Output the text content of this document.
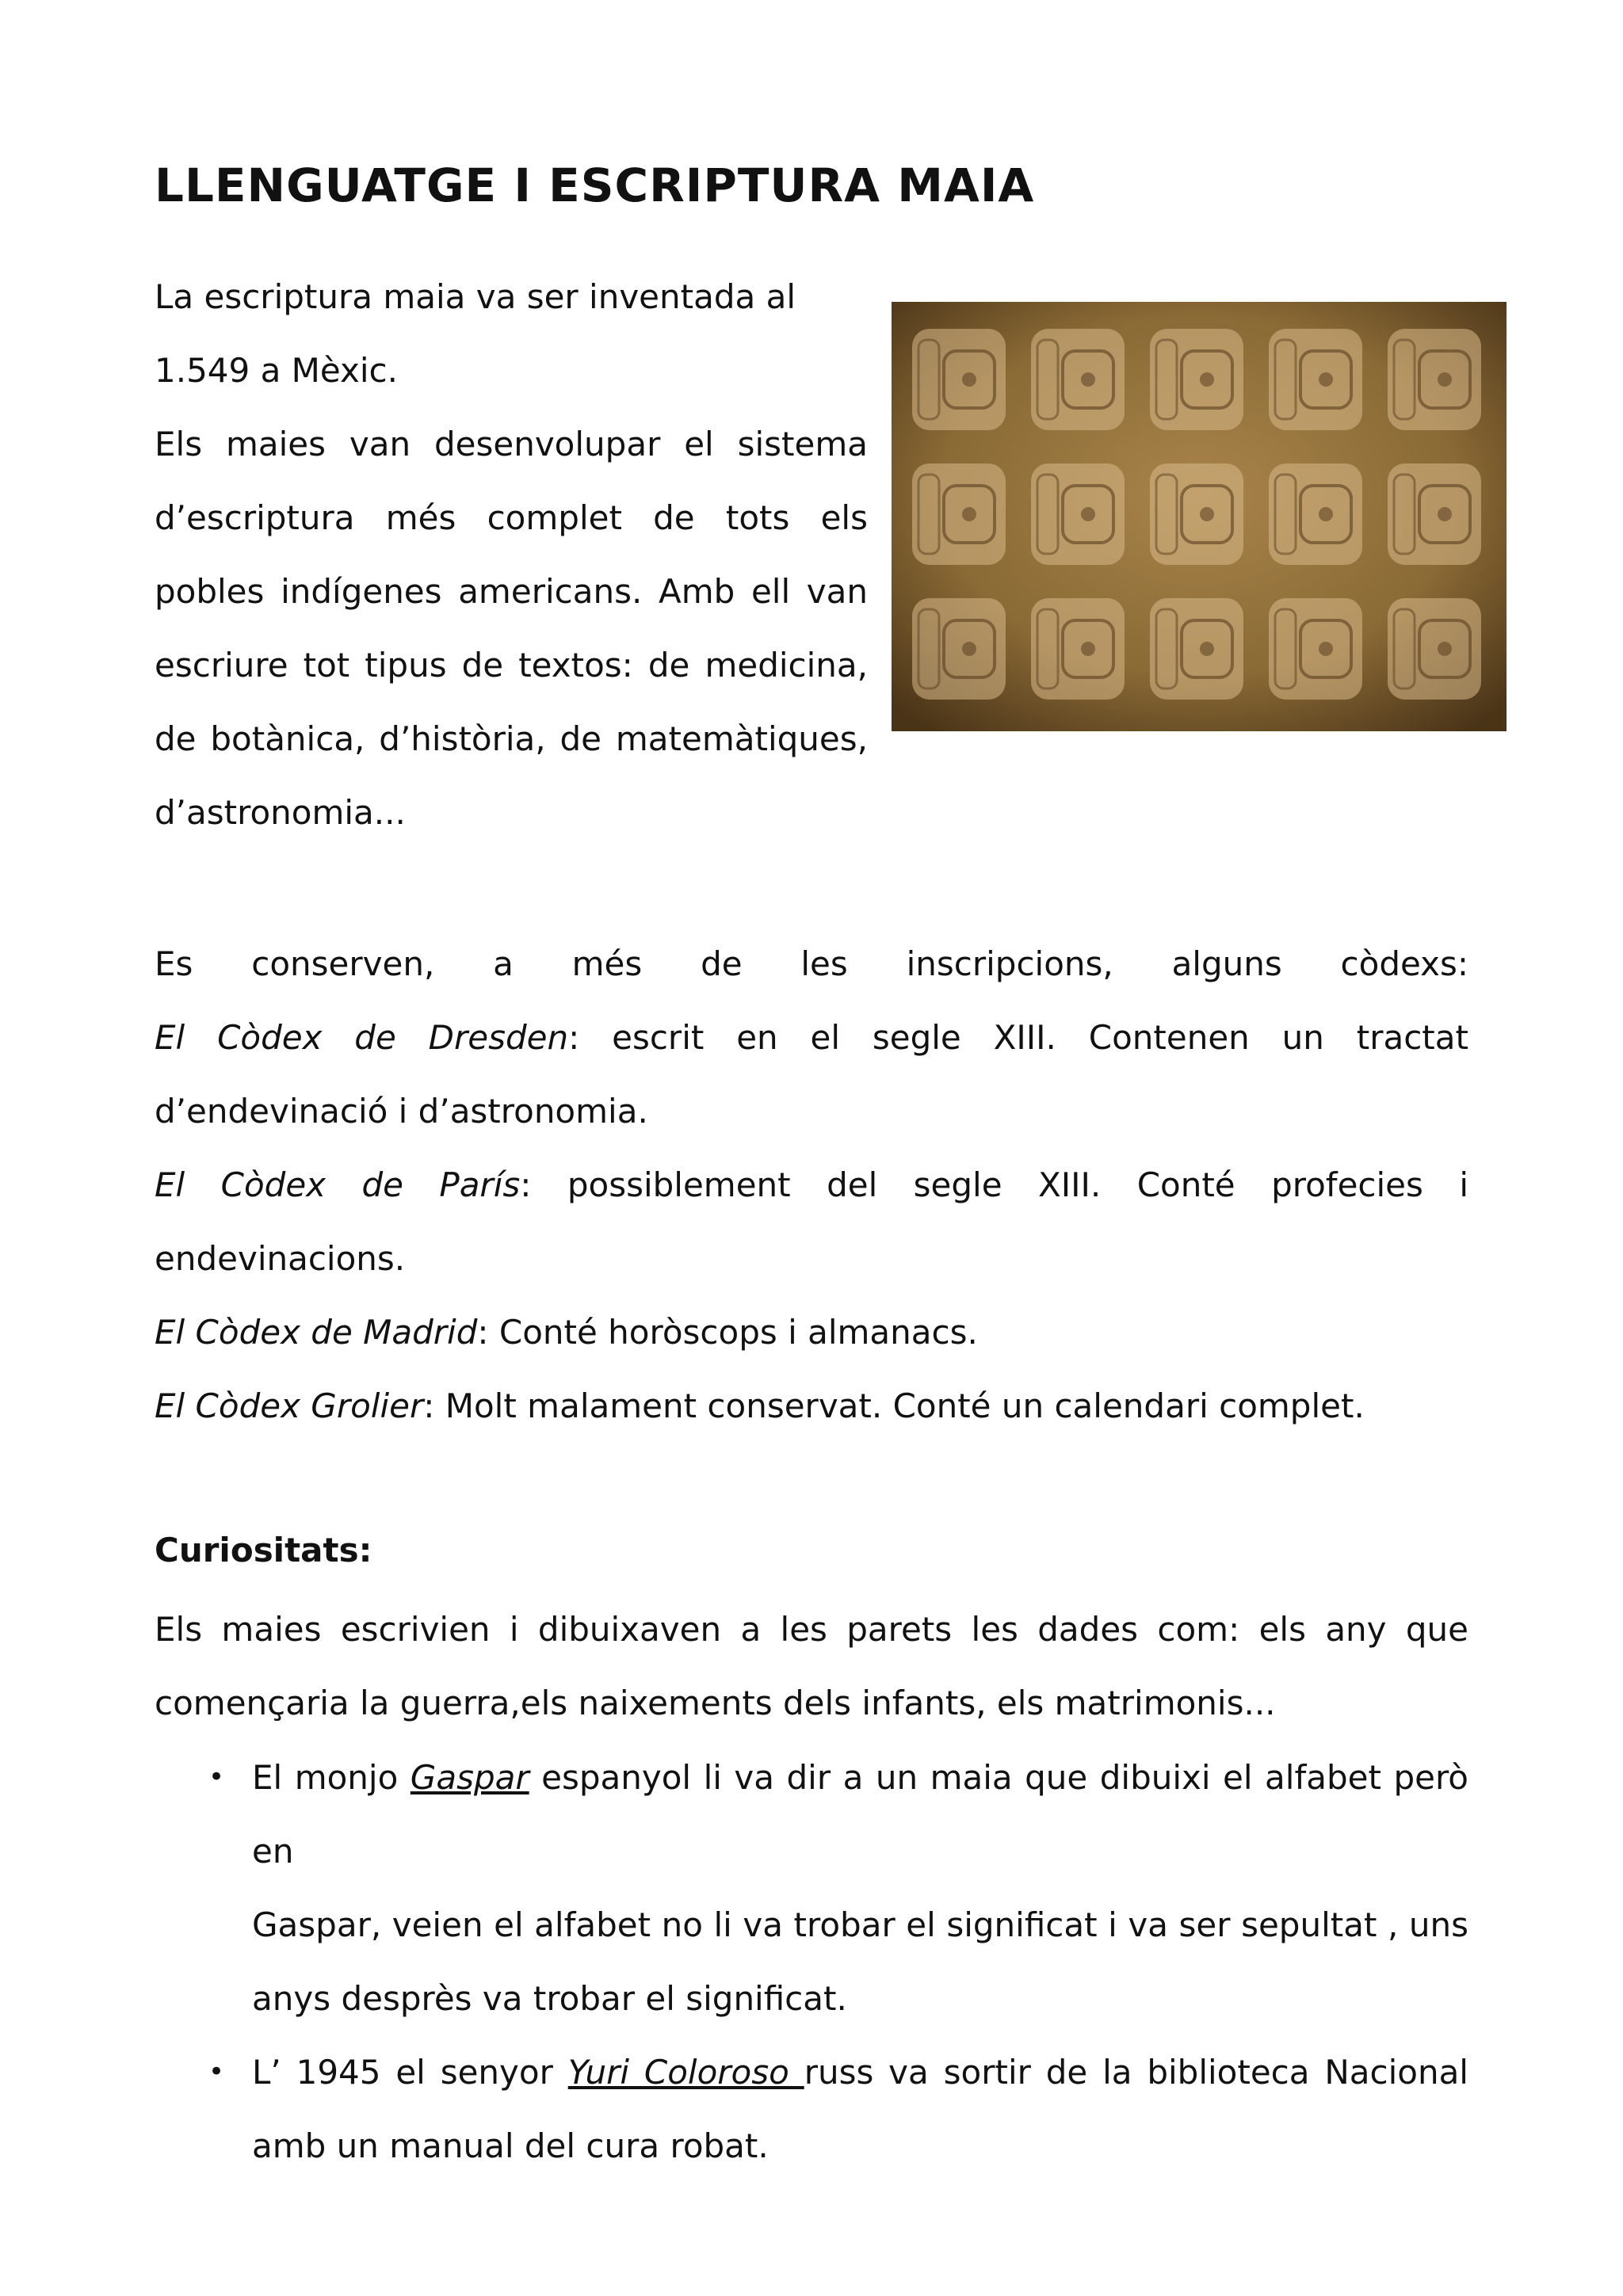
LLENGUATGE I ESCRIPTURA MAIA
La escriptura maia va ser inventada al
1.549 a Mèxic.
Els maies van desenvolupar el sistema
d’escriptura més complet de tots els
pobles indígenes americans. Amb ell van
escriure tot tipus de textos: de medicina,
de botànica, d’història, de matemàtiques,
d’astronomia...
Es conserven, a més de les inscripcions, alguns còdexs:
El Còdex de Dresden: escrit en el segle XIII. Contenen un tractat
d’endevinació i d’astronomia.
El Còdex de París: possiblement del segle XIII. Conté profecies i
endevinacions.
El Còdex de Madrid: Conté horòscops i almanacs.
El Còdex Grolier: Molt malament conservat. Conté un calendari complet.
Curiositats:
Els maies escrivien i dibuixaven a les parets les dades com: els any que
començaria la guerra,els naixements dels infants, els matrimonis...
• El monjo Gaspar espanyol li va dir a un maia que dibuixi el alfabet però en
Gaspar, veien el alfabet no li va trobar el significat i va ser sepultat , uns
anys desprès va trobar el significat.
• L’ 1945 el senyor Yuri Coloroso russ va sortir de la biblioteca Nacional
amb un manual del cura robat.
